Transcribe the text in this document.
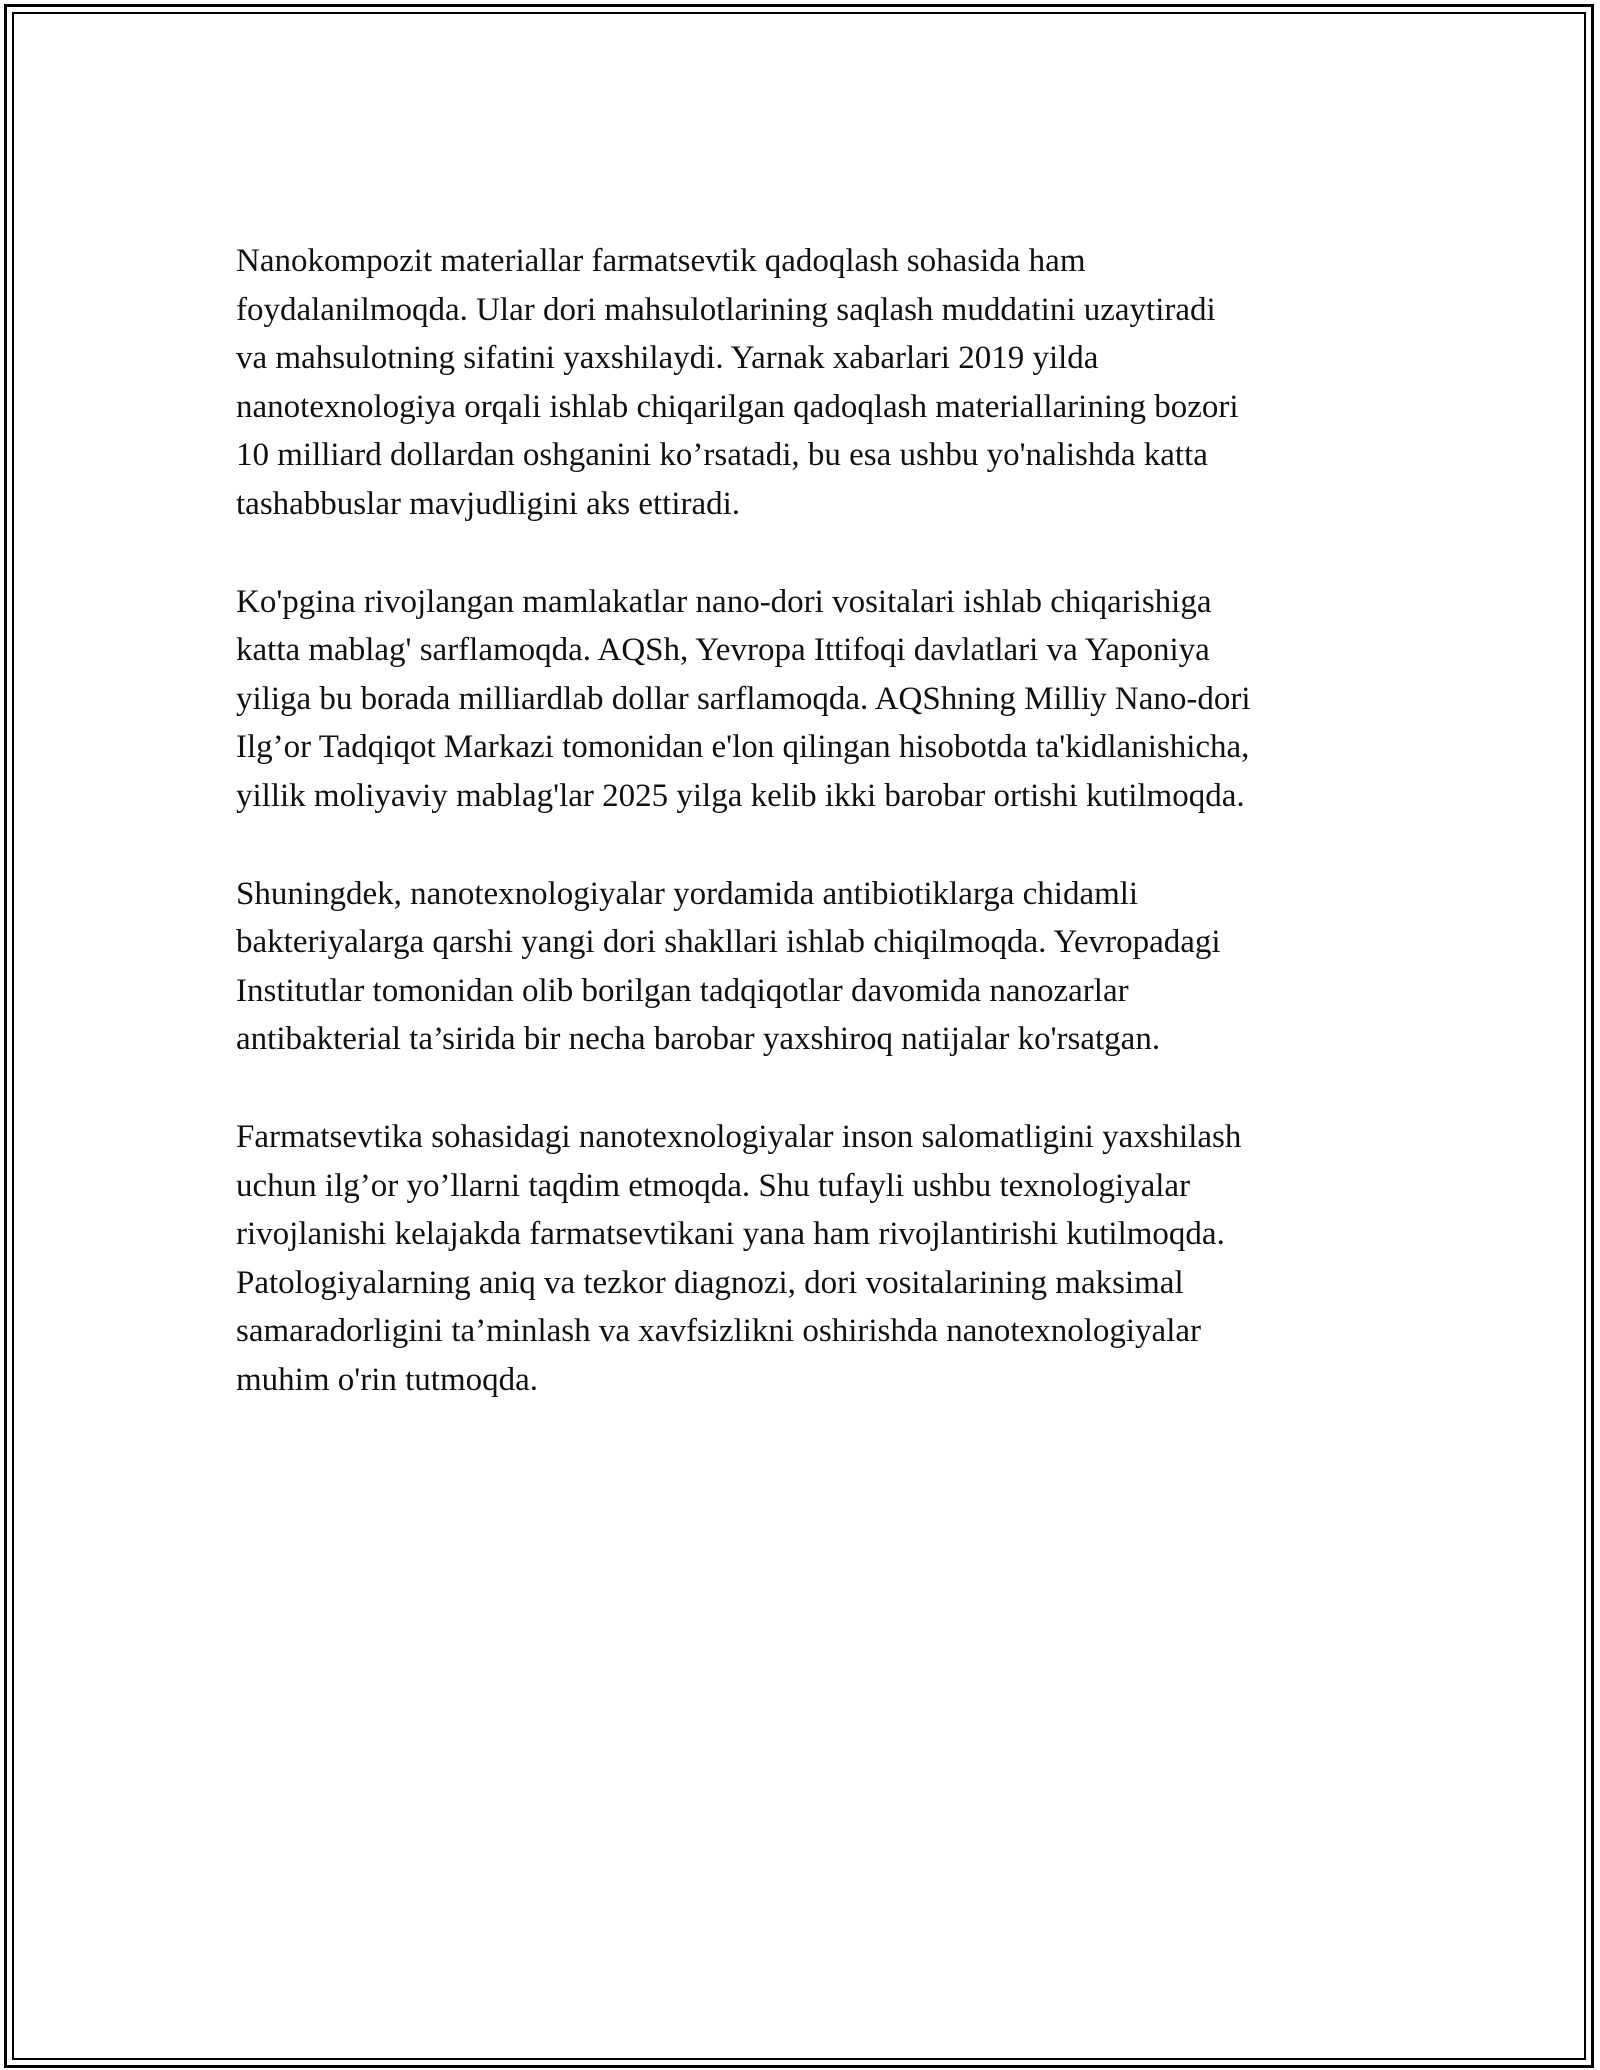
Nanokompozit materiallar farmatsevtik qadoqlash sohasida ham
foydalanilmoqda. Ular dori mahsulotlarining saqlash muddatini uzaytiradi
va mahsulotning sifatini yaxshilaydi. Yarnak xabarlari 2019 yilda
nanotexnologiya orqali ishlab chiqarilgan qadoqlash materiallarining bozori
10 milliard dollardan oshganini ko’rsatadi, bu esa ushbu yo'nalishda katta
tashabbuslar mavjudligini aks ettiradi.

Ko'pgina rivojlangan mamlakatlar nano-dori vositalari ishlab chiqarishiga
katta mablag' sarflamoqda. AQSh, Yevropa Ittifoqi davlatlari va Yaponiya
yiliga bu borada milliardlab dollar sarflamoqda. AQShning Milliy Nano-dori
Ilg’or Tadqiqot Markazi tomonidan e'lon qilingan hisobotda ta'kidlanishicha,
yillik moliyaviy mablag'lar 2025 yilga kelib ikki barobar ortishi kutilmoqda.

Shuningdek, nanotexnologiyalar yordamida antibiotiklarga chidamli
bakteriyalarga qarshi yangi dori shakllari ishlab chiqilmoqda. Yevropadagi
Institutlar tomonidan olib borilgan tadqiqotlar davomida nanozarlar
antibakterial ta’sirida bir necha barobar yaxshiroq natijalar ko'rsatgan.

Farmatsevtika sohasidagi nanotexnologiyalar inson salomatligini yaxshilash
uchun ilg’or yo’llarni taqdim etmoqda. Shu tufayli ushbu texnologiyalar
rivojlanishi kelajakda farmatsevtikani yana ham rivojlantirishi kutilmoqda.
Patologiyalarning aniq va tezkor diagnozi, dori vositalarining maksimal
samaradorligini ta’minlash va xavfsizlikni oshirishda nanotexnologiyalar
muhim o'rin tutmoqda.
